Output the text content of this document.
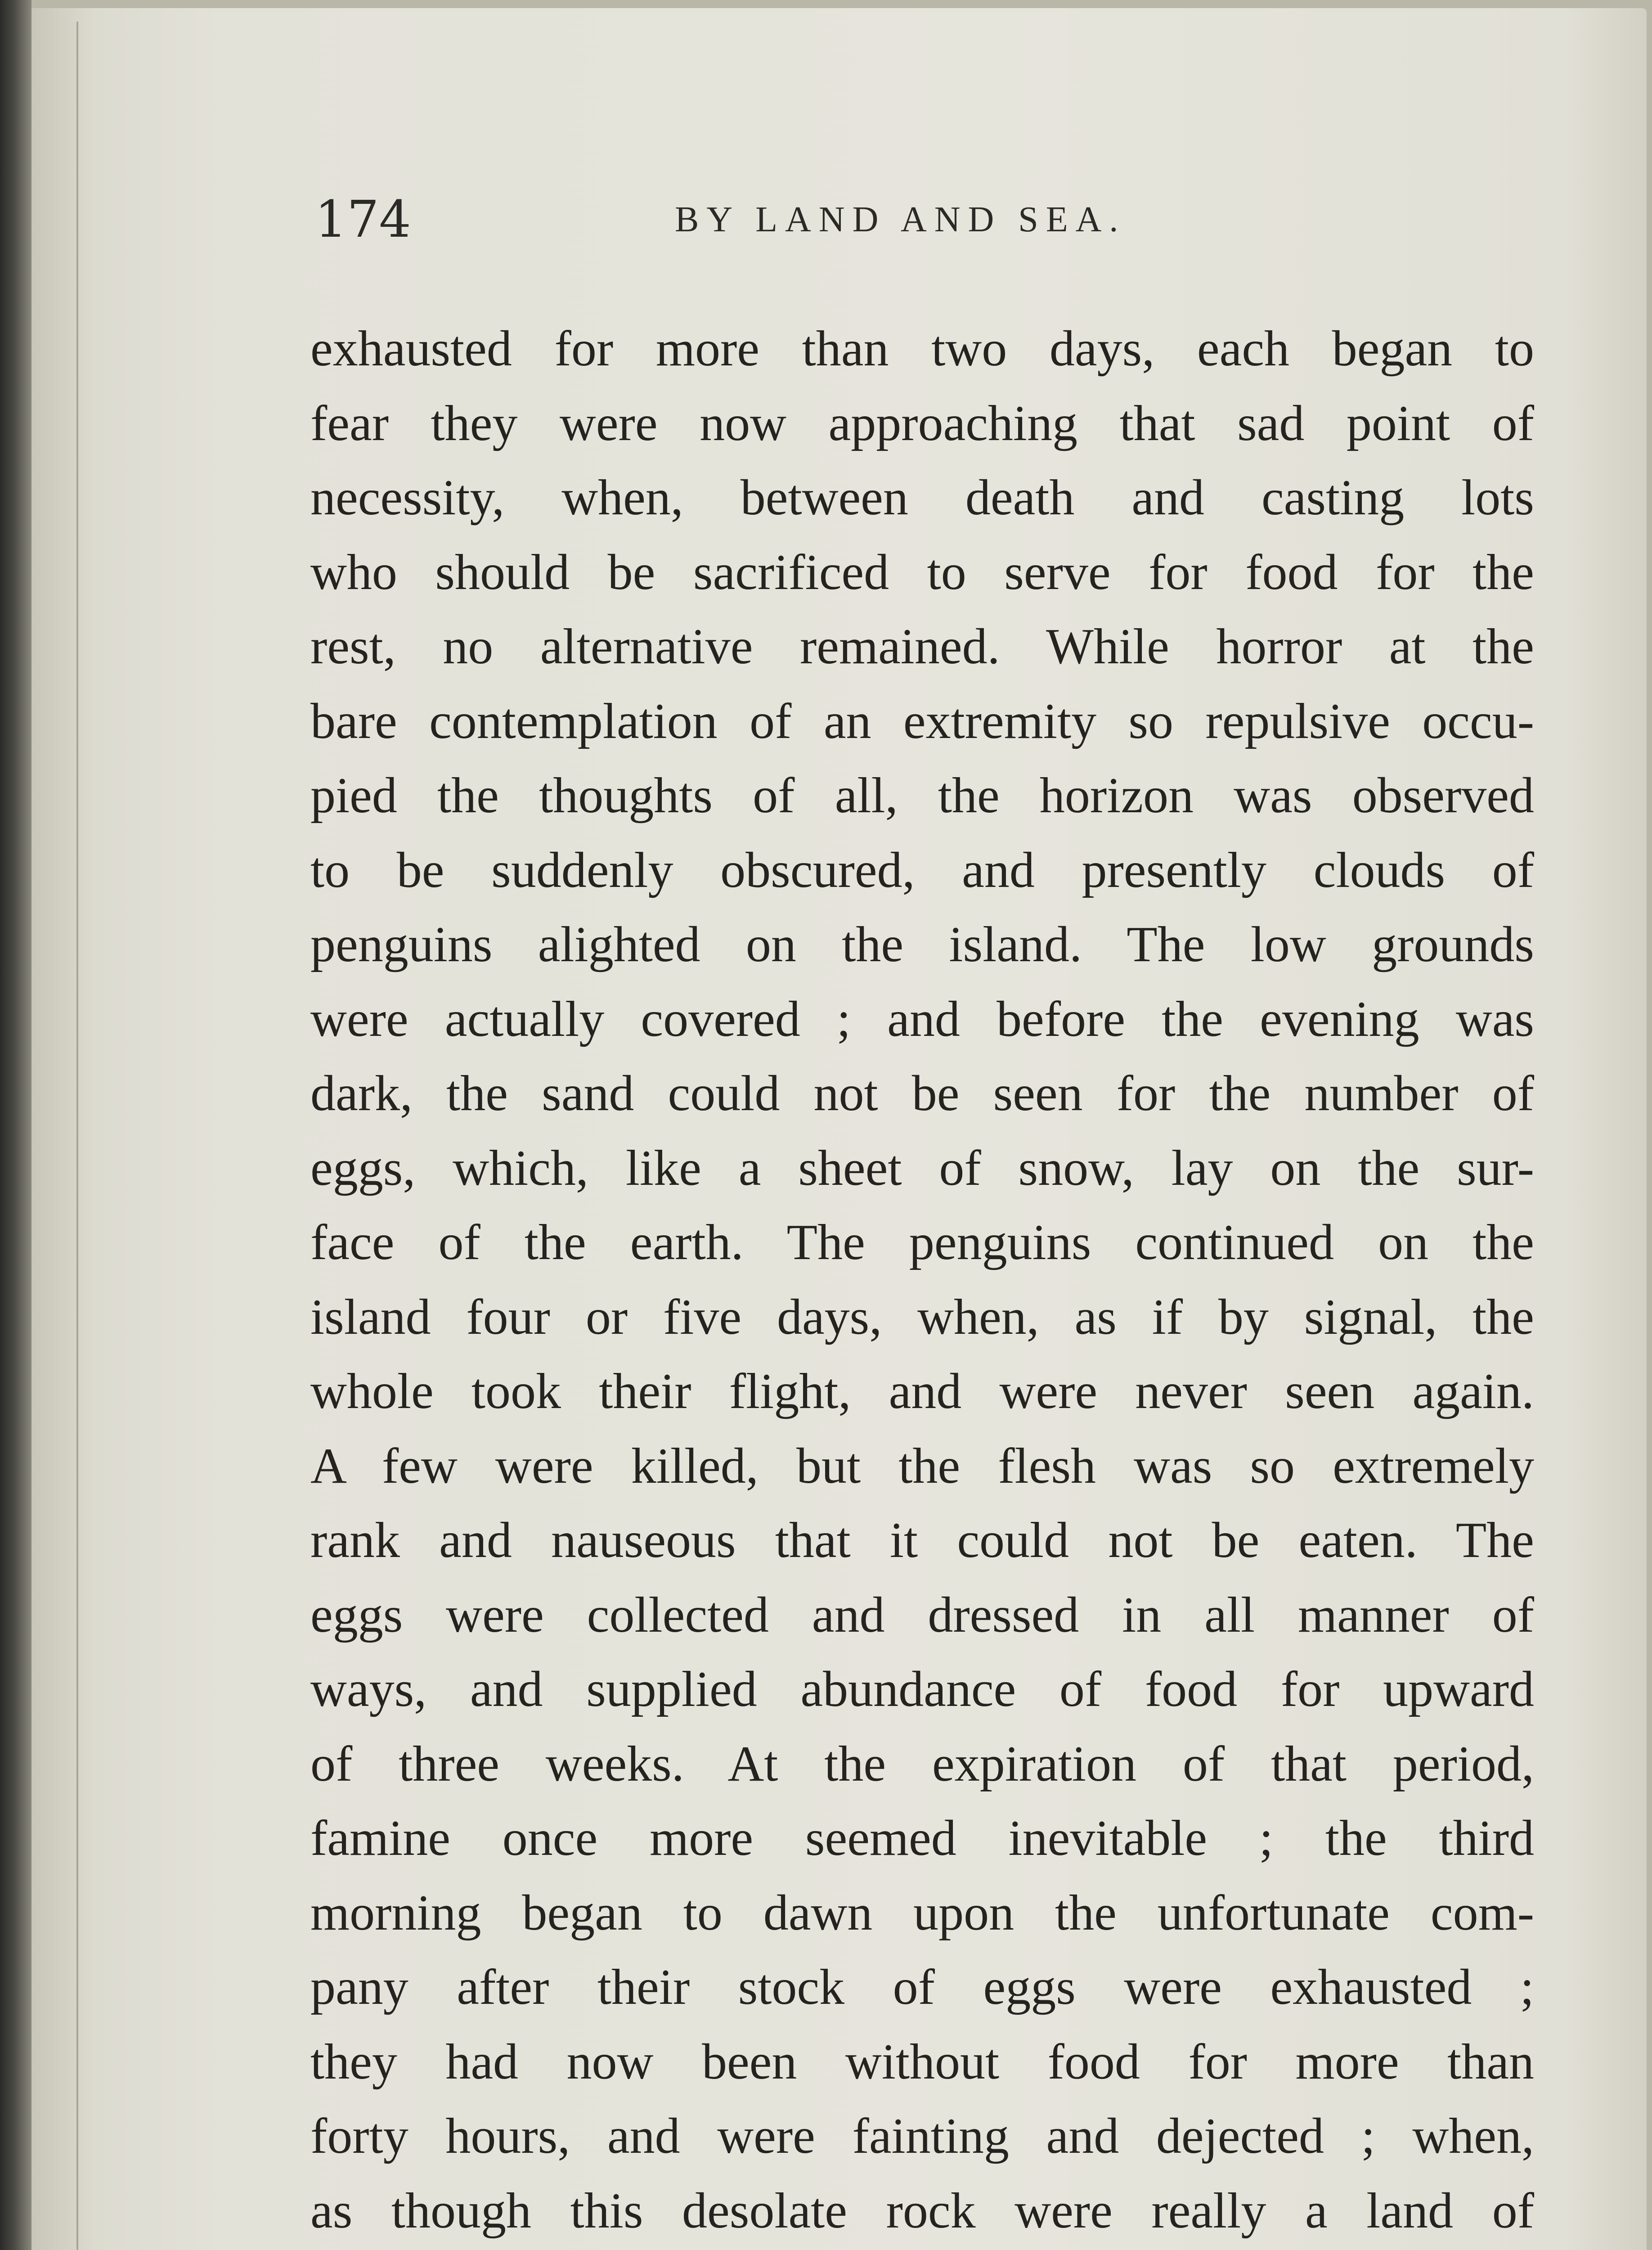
174	BY LAND AND SEA.
exhausted for more than two days, each began to
fear they were now approaching that sad point of
necessity, when, between death and casting lots
who should be sacrificed to serve for food for the
rest, no alternative remained. While horror at the
bare contemplation of an extremity so repulsive occu-
pied the thoughts of all, the horizon was observed
to be suddenly obscured, and presently clouds of
penguins alighted on the island. The low grounds
were actually covered ; and before the evening was
dark, the sand could not be seen for the number of
eggs, which, like a sheet of snow, lay on the sur-
face of the earth. The penguins continued on the
island four or five days, when, as if by signal, the
whole took their flight, and were never seen again.
A few were killed, but the flesh was so extremely
rank and nauseous that it could not be eaten. The
eggs were collected and dressed in all manner of
ways, and supplied abundance of food for upward
of three weeks. At the expiration of that period,
famine once more seemed inevitable ; the third
morning began to dawn upon the unfortunate com-
pany after their stock of eggs were exhausted ;
they had now been without food for more than
forty hours, and were fainting and dejected ; when,
as though this desolate rock were really a land of
